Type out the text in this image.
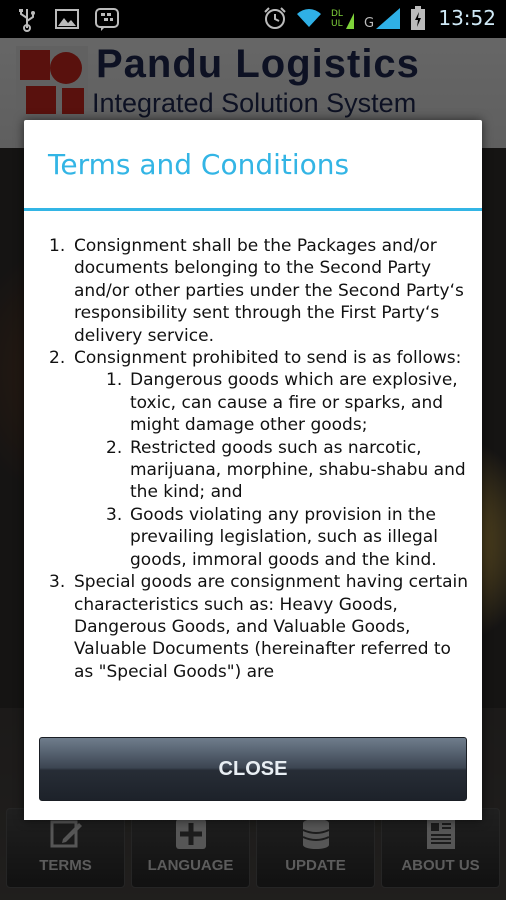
DL
UL G	13:52
Terms and Conditions
1. Consignment shall be the Packages and/or documents belonging to the Second Party and/or other parties under the Second Party‘s responsibility sent through the First Party‘s delivery service.
2. Consignment prohibited to send is as follows:
1. Dangerous goods which are explosive, toxic, can cause a fire or sparks, and might damage other goods;
2. Restricted goods such as narcotic, marijuana, morphine, shabu-shabu and the kind; and
3. Goods violating any provision in the prevailing legislation, such as illegal goods, immoral goods and the kind.
3. Special goods are consignment having certain characteristics such as: Heavy Goods, Dangerous Goods, and Valuable Goods, Valuable Documents (hereinafter referred to as "Special Goods") are
CLOSE
